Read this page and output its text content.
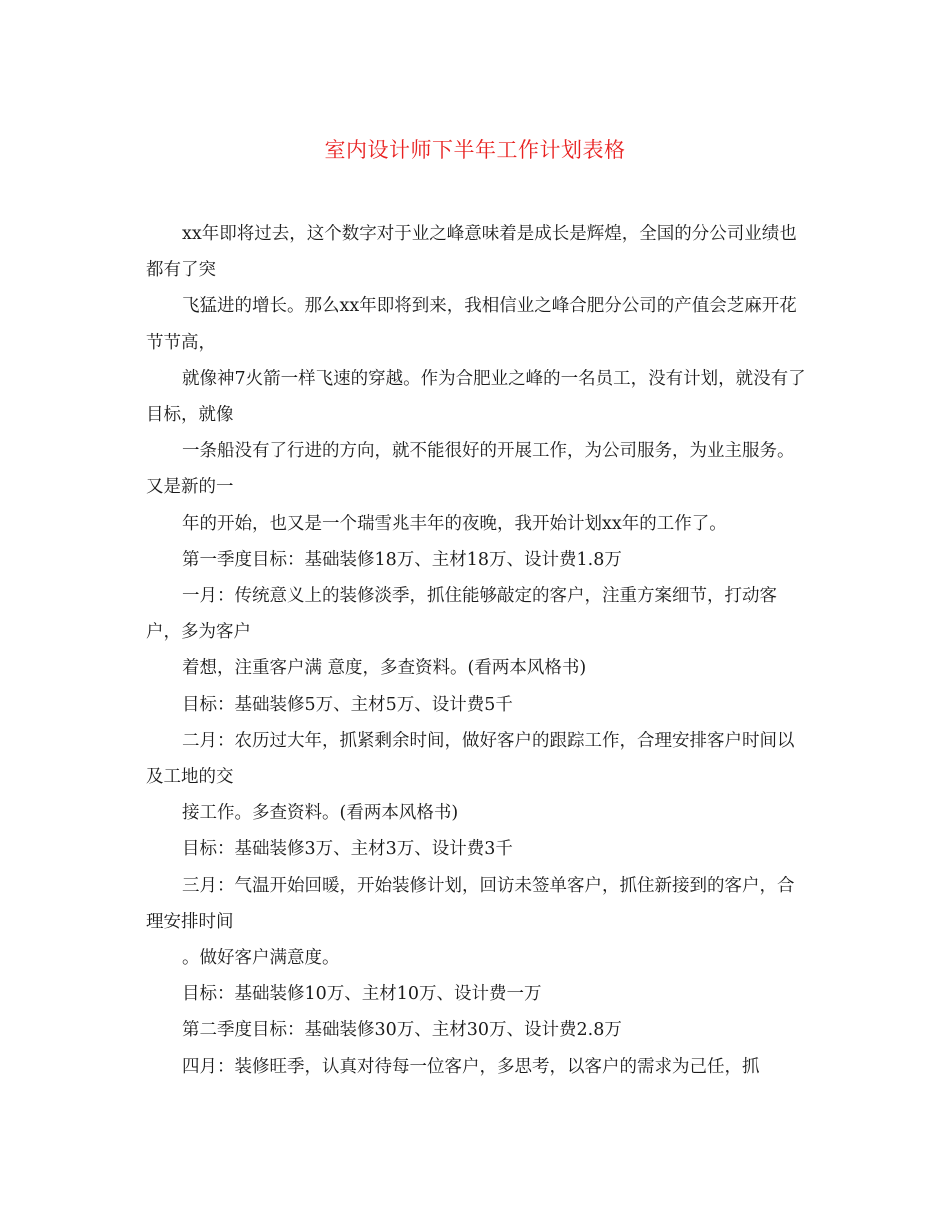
室内设计师下半年工作计划表格

xx年即将过去，这个数字对于业之峰意味着是成长是辉煌，全国的分公司业绩也都有了突

飞猛进的增长。那么xx年即将到来，我相信业之峰合肥分公司的产值会芝麻开花节节高，

就像神7火箭一样飞速的穿越。作为合肥业之峰的一名员工，没有计划，就没有了目标，就像

一条船没有了行进的方向，就不能很好的开展工作，为公司服务，为业主服务。又是新的一

年的开始，也又是一个瑞雪兆丰年的夜晚，我开始计划xx年的工作了。

第一季度目标：基础装修18万、主材18万、设计费1.8万

一月：传统意义上的装修淡季，抓住能够敲定的客户，注重方案细节，打动客户，多为客户

着想，注重客户满 意度，多查资料。(看两本风格书)

目标：基础装修5万、主材5万、设计费5千

二月：农历过大年，抓紧剩余时间，做好客户的跟踪工作，合理安排客户时间以及工地的交

接工作。多查资料。(看两本风格书)

目标：基础装修3万、主材3万、设计费3千

三月：气温开始回暖，开始装修计划，回访未签单客户，抓住新接到的客户，合理安排时间

。做好客户满意度。

目标：基础装修10万、主材10万、设计费一万

第二季度目标：基础装修30万、主材30万、设计费2.8万

四月：装修旺季，认真对待每一位客户，多思考，以客户的需求为己任，抓
